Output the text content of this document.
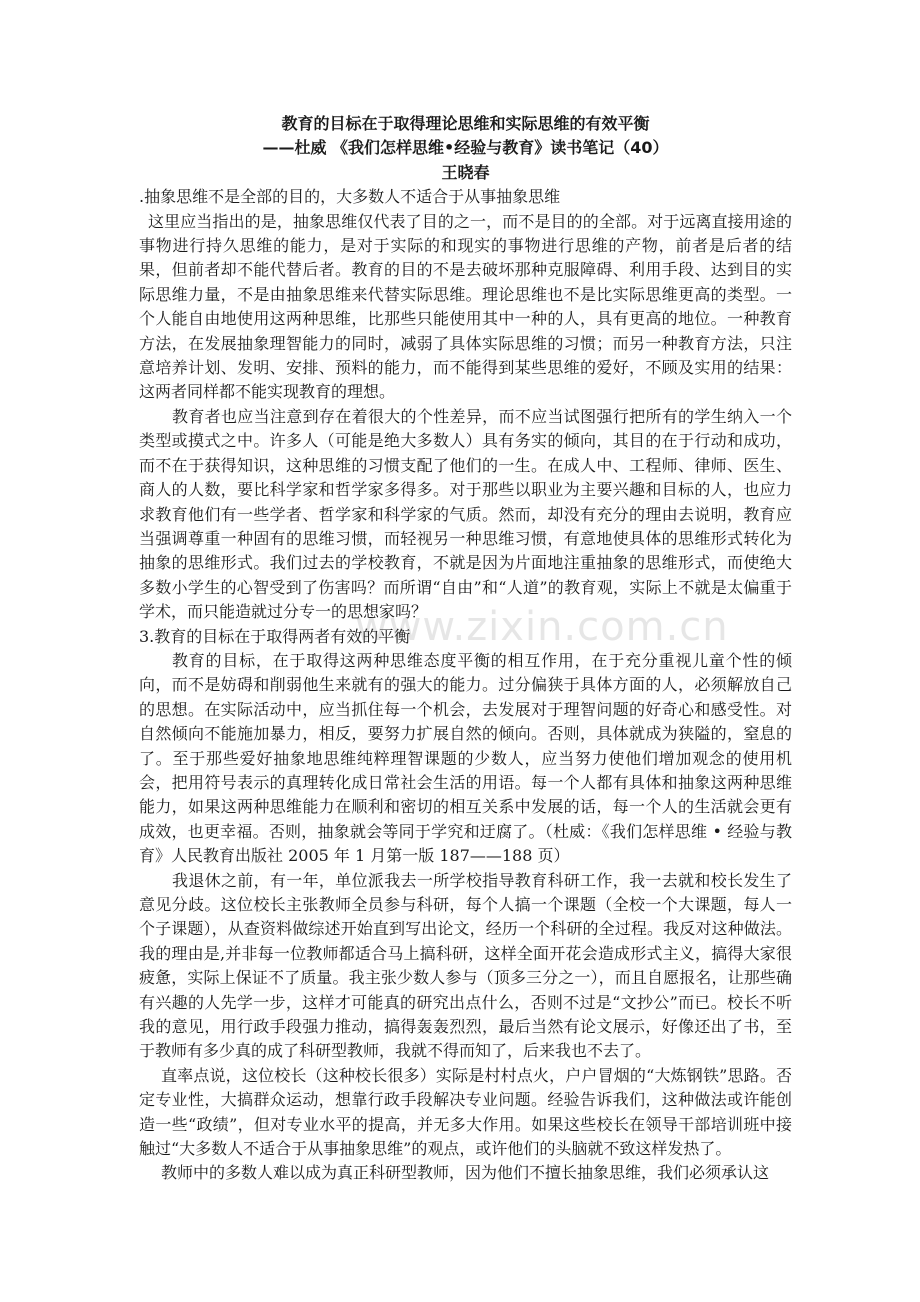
www.zixin.com.cn

教育的目标在于取得理论思维和实际思维的有效平衡

——杜威 《我们怎样思维•经验与教育》读书笔记（40）

王晓春

.抽象思维不是全部的目的，大多数人不适合于从事抽象思维

这里应当指出的是，抽象思维仅代表了目的之一，而不是目的的全部。对于远离直接用途的事物进行持久思维的能力，是对于实际的和现实的事物进行思维的产物，前者是后者的结果，但前者却不能代替后者。教育的目的不是去破坏那种克服障碍、利用手段、达到目的实际思维力量，不是由抽象思维来代替实际思维。理论思维也不是比实际思维更高的类型。一个人能自由地使用这两种思维，比那些只能使用其中一种的人，具有更高的地位。一种教育方法，在发展抽象理智能力的同时，减弱了具体实际思维的习惯；而另一种教育方法，只注意培养计划、发明、安排、预料的能力，而不能得到某些思维的爱好，不顾及实用的结果：这两者同样都不能实现教育的理想。

教育者也应当注意到存在着很大的个性差异，而不应当试图强行把所有的学生纳入一个类型或摸式之中。许多人（可能是绝大多数人）具有务实的倾向，其目的在于行动和成功，而不在于获得知识，这种思维的习惯支配了他们的一生。在成人中、工程师、律师、医生、商人的人数，要比科学家和哲学家多得多。对于那些以职业为主要兴趣和目标的人，也应力求教育他们有一些学者、哲学家和科学家的气质。然而，却没有充分的理由去说明，教育应当强调尊重一种固有的思维习惯，而轻视另一种思维习惯，有意地使具体的思维形式转化为抽象的思维形式。我们过去的学校教育，不就是因为片面地注重抽象的思维形式，而使绝大多数小学生的心智受到了伤害吗？而所谓“自由”和“人道”的教育观，实际上不就是太偏重于学术，而只能造就过分专一的思想家吗？

3.教育的目标在于取得两者有效的平衡

教育的目标，在于取得这两种思维态度平衡的相互作用，在于充分重视儿童个性的倾向，而不是妨碍和削弱他生来就有的强大的能力。过分偏狭于具体方面的人，必须解放自己的思想。在实际活动中，应当抓住每一个机会，去发展对于理智问题的好奇心和感受性。对自然倾向不能施加暴力，相反，要努力扩展自然的倾向。否则，具体就成为狭隘的，窒息的了。至于那些爱好抽象地思维纯粹理智课题的少数人，应当努力使他们增加观念的使用机会，把用符号表示的真理转化成日常社会生活的用语。每一个人都有具体和抽象这两种思维能力，如果这两种思维能力在顺利和密切的相互关系中发展的话，每一个人的生活就会更有成效，也更幸福。否则，抽象就会等同于学究和迂腐了。（杜威：《我们怎样思维 • 经验与教育》人民教育出版社 2005 年 1 月第一版 187——188 页）

我退休之前，有一年，单位派我去一所学校指导教育科研工作，我一去就和校长发生了意见分歧。这位校长主张教师全员参与科研，每个人搞一个课题（全校一个大课题，每人一个子课题），从查资料做综述开始直到写出论文，经历一个科研的全过程。我反对这种做法。我的理由是,并非每一位教师都适合马上搞科研，这样全面开花会造成形式主义，搞得大家很疲惫，实际上保证不了质量。我主张少数人参与（顶多三分之一），而且自愿报名，让那些确有兴趣的人先学一步，这样才可能真的研究出点什么，否则不过是“文抄公”而已。校长不听我的意见，用行政手段强力推动，搞得轰轰烈烈，最后当然有论文展示，好像还出了书，至于教师有多少真的成了科研型教师，我就不得而知了，后来我也不去了。

直率点说，这位校长（这种校长很多）实际是村村点火，户户冒烟的“大炼钢铁”思路。否定专业性，大搞群众运动，想靠行政手段解决专业问题。经验告诉我们，这种做法或许能创造一些“政绩”，但对专业水平的提高，并无多大作用。如果这些校长在领导干部培训班中接触过“大多数人不适合于从事抽象思维”的观点，或许他们的头脑就不致这样发热了。

教师中的多数人难以成为真正科研型教师，因为他们不擅长抽象思维，我们必须承认这
